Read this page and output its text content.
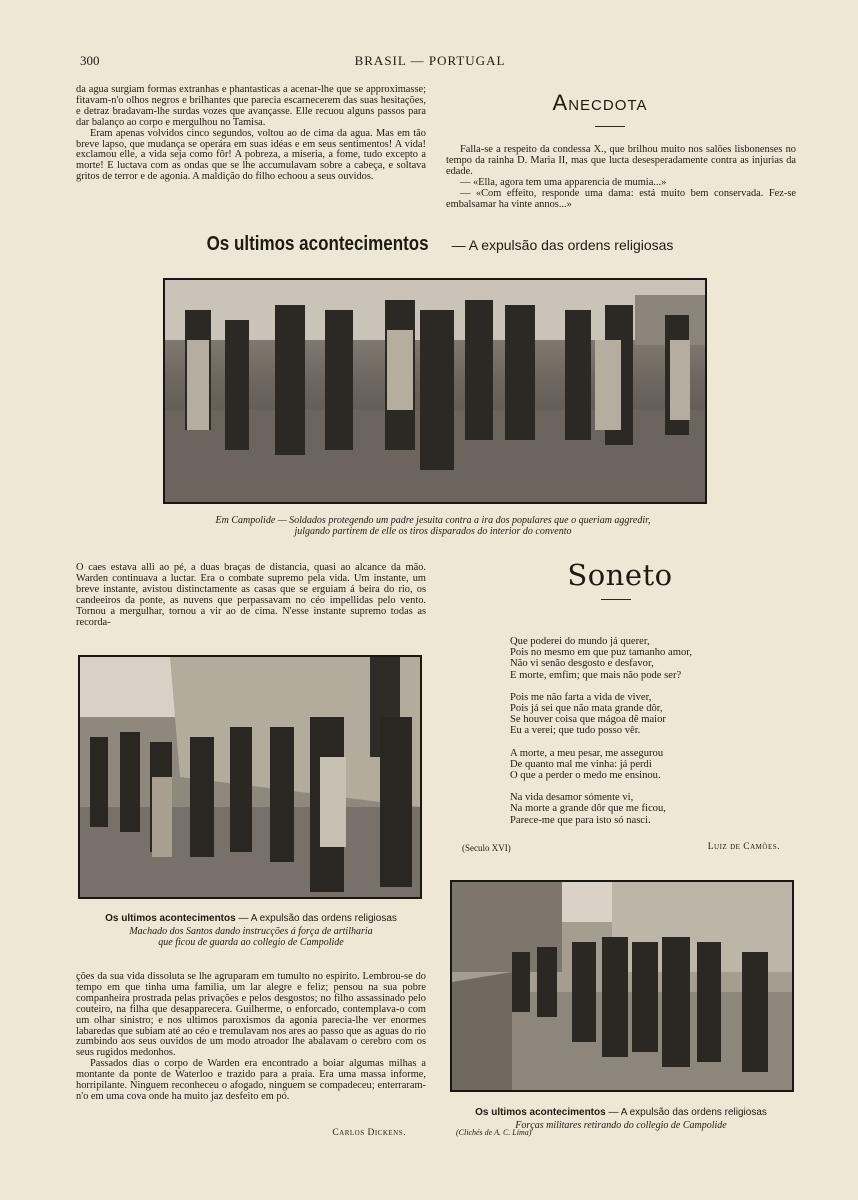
300	BRASIL — PORTUGAL

da agua surgiam formas extranhas e phantasticas a acenar-lhe que se approximasse; fitavam-n'o olhos negros e brilhantes que parecia escarnecerem das suas hesitações, e detraz bradavam-lhe surdas vozes que avançasse. Elle recuou alguns passos para dar balanço ao corpo e mergulhou no Tamisa.

Eram apenas volvidos cinco segundos, voltou ao de cima da agua. Mas em tão breve lapso, que mudança se operára em suas idéas e em seus sentimentos! A vida! exclamou elle, a vida seja como fôr! A pobreza, a miseria, a fome, tudo excepto a morte! E luctava com as ondas que se lhe accumulavam sobre a cabeça, e soltava gritos de terror e de agonia. A maldição do filho echoou a seus ouvidos.

Anecdota

Falla-se a respeito da condessa X., que brilhou muito nos salões lisbonenses no tempo da rainha D. Maria II, mas que lucta desesperadamente contra as injurias da edade.

— «Ella, agora tem uma apparencia de mumia...»

— «Com effeito, responde uma dama: está muito bem conservada. Fez-se embalsamar ha vinte annos...»

Os ultimos acontecimentos — A expulsão das ordens religiosas
Em Campolide — Soldados protegendo um padre jesuita contra a ira dos populares que o queriam aggredir,
julgando partirem de elle os tiros disparados do interior do convento

O caes estava alli ao pé, a duas braças de distancia, quasi ao alcance da mão. Warden continuava a luctar. Era o combate supremo pela vida. Um instante, um breve instante, avistou distinctamente as casas que se erguiam á beira do rio, os candeeiros da ponte, as nuvens que perpassavam no céo impellidas pelo vento. Tornou a mergulhar, tornou a vir ao de cima. N'esse instante supremo todas as recorda-

Soneto
Que poderei do mundo já querer,
Pois no mesmo em que puz tamanho amor,
Não vi senão desgosto e desfavor,
E morte, emfim; que mais não pode ser?
Pois me não farta a vida de viver,
Pois já sei que não mata grande dôr,
Se houver coisa que mágoa dê maior
Eu a verei; que tudo posso vêr.
A morte, a meu pesar, me assegurou
De quanto mal me vinha: já perdi
O que a perder o medo me ensinou.
Na vida desamor sómente vi,
Na morte a grande dôr que me ficou,
Parece-me que para isto só nasci.
(Seculo XVI)	Luiz de Camões.
Os ultimos acontecimentos — A expulsão das ordens religiosas
Machado dos Santos dando instrucções á força de artilharia
que ficou de guarda ao collegio de Campolide

ções da sua vida dissoluta se lhe agruparam em tumulto no espirito. Lembrou-se do tempo em que tinha uma familia, um lar alegre e feliz; pensou na sua pobre companheira prostrada pelas privações e pelos desgostos; no filho assassinado pelo couteiro, na filha que desapparecera. Guilherme, o enforcado, contemplava-o com um olhar sinistro; e nos ultimos paroxismos da agonia parecia-lhe ver enormes labaredas que subiam até ao céo e tremulavam nos ares ao passo que as aguas do rio zumbindo aos seus ouvidos de um modo atroador lhe abalavam o cerebro com os seus rugidos medonhos.

Passados dias o corpo de Warden era encontrado a boiar algumas milhas a montante da ponte de Waterloo e trazido para a praia. Era uma massa informe, horripilante. Ninguem reconheceu o afogado, ninguem se compadeceu; enterraram-n'o em uma cova onde ha muito jaz desfeito em pó.

Carlos Dickens.
Os ultimos acontecimentos — A expulsão das ordens religiosas
Forças militares retirando do collegio de Campolide
(Clichés de A. C. Lima)
